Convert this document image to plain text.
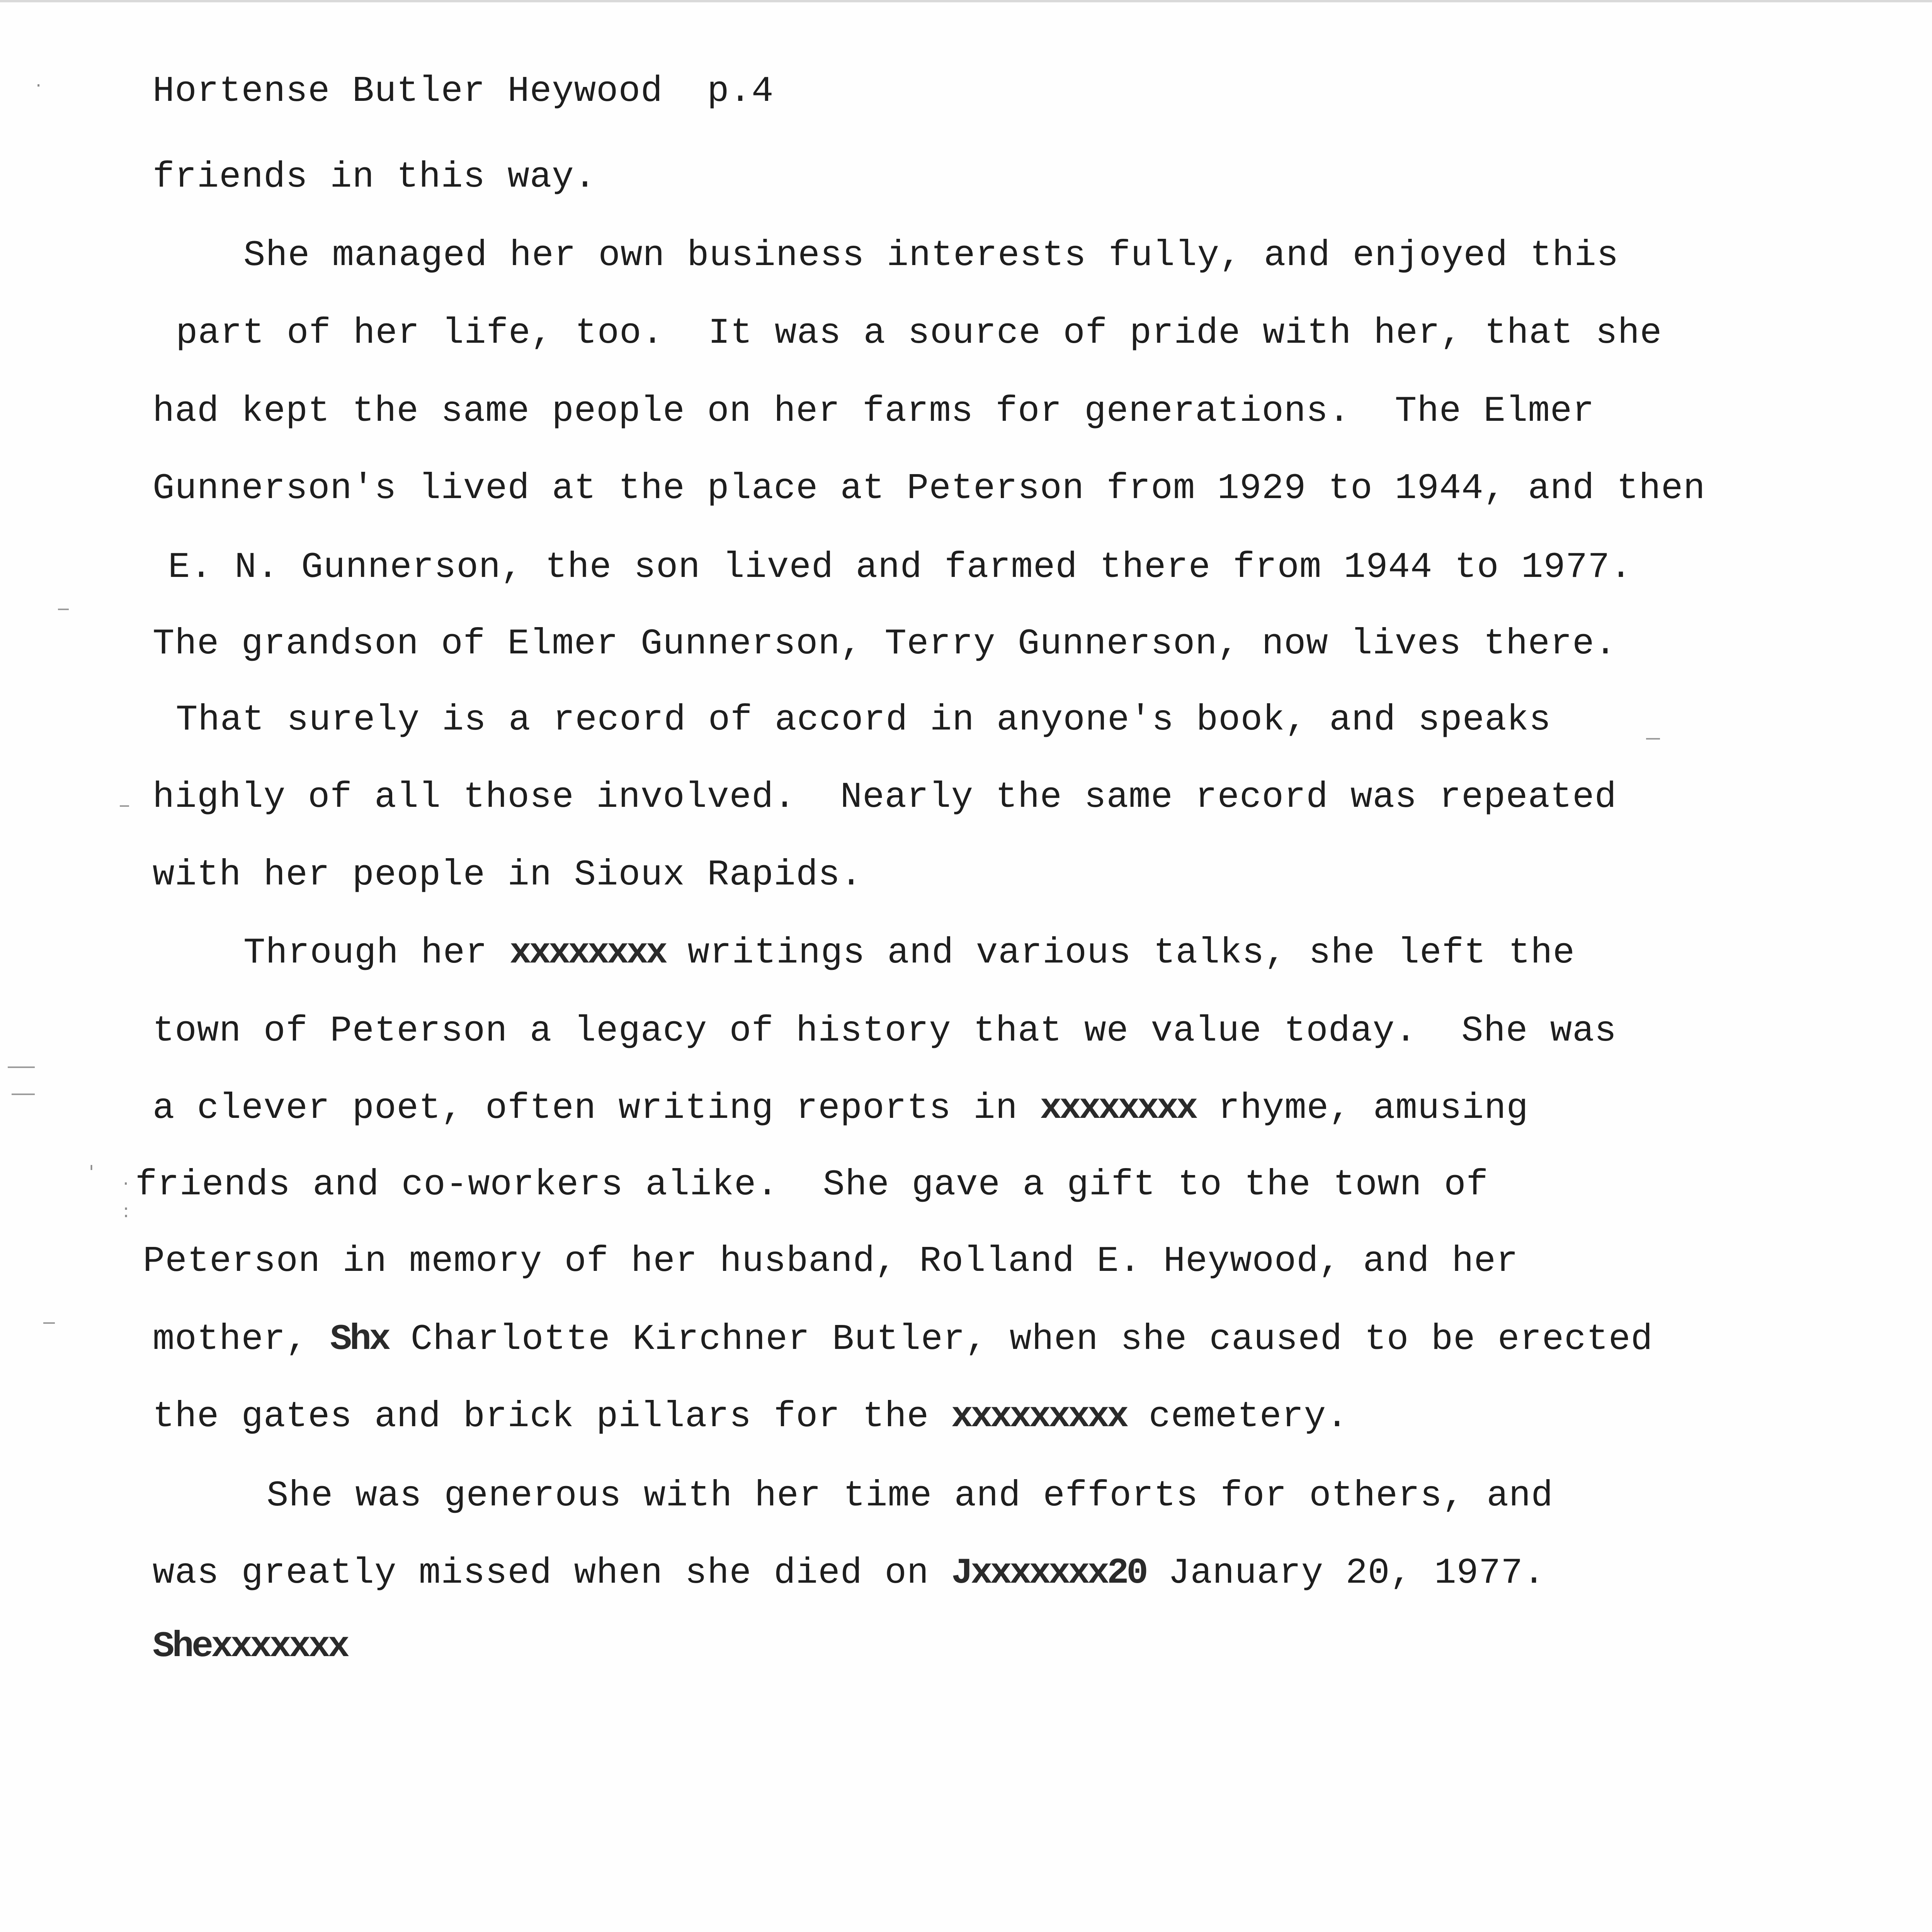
·
'
·
:
Hortense Butler Heywood  p.4
friends in this way.
She managed her own business interests fully, and enjoyed this
part of her life, too.  It was a source of pride with her, that she
had kept the same people on her farms for generations.  The Elmer
Gunnerson's lived at the place at Peterson from 1929 to 1944, and then
E. N. Gunnerson, the son lived and farmed there from 1944 to 1977.
The grandson of Elmer Gunnerson, Terry Gunnerson, now lives there.
That surely is a record of accord in anyone's book, and speaks
highly of all those involved.  Nearly the same record was repeated
with her people in Sioux Rapids.
Through her xxxxxxxx writings and various talks, she left the
town of Peterson a legacy of history that we value today.  She was
a clever poet, often writing reports in xxxxxxxx rhyme, amusing
friends and co-workers alike.  She gave a gift to the town of
Peterson in memory of her husband, Rolland E. Heywood, and her
mother, Shx Charlotte Kirchner Butler, when she caused to be erected
the gates and brick pillars for the xxxxxxxxx cemetery.
She was generous with her time and efforts for others, and
was greatly missed when she died on Jxxxxxxx20 January 20, 1977.
Shexxxxxxx
